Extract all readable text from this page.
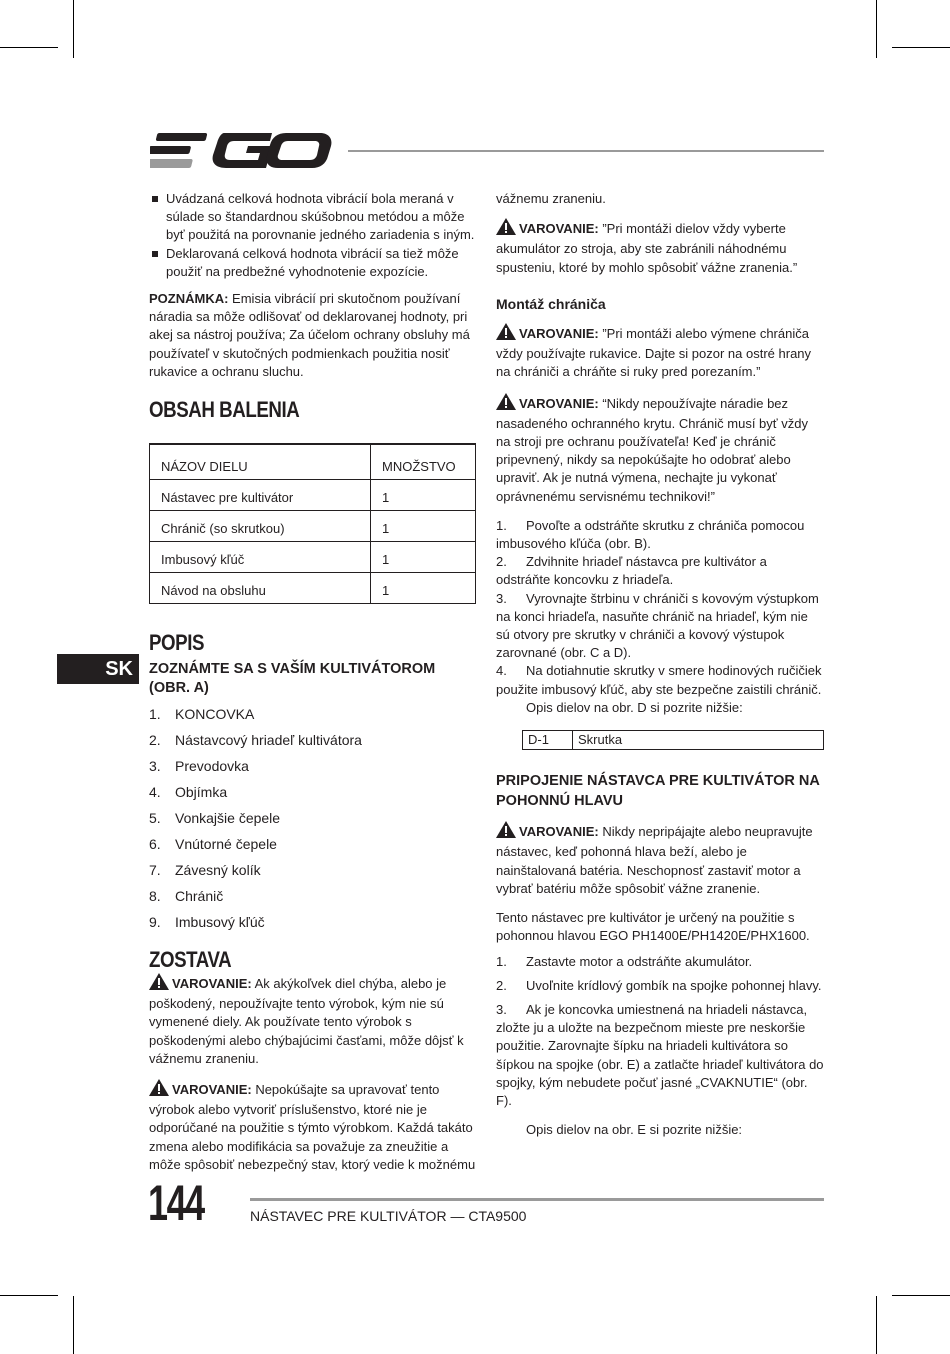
Uvádzaná celková hodnota vibrácií bola meraná v súlade so štandardnou skúšobnou metódou a môže byť použitá na porovnanie jedného zariadenia s iným.

Deklarovaná celková hodnota vibrácií sa tiež môže použiť na predbežné vyhodnotenie expozície.

POZNÁMKA: Emisia vibrácií pri skutočnom používaní náradia sa môže odlišovať od deklarovanej hodnoty, pri akej sa nástroj používa; Za účelom ochrany obsluhy má používateľ v skutočných podmienkach použitia nosiť rukavice a ochranu sluchu.

OBSAH BALENIA

NÁZOV DIELU	MNOŽSTVO
Nástavec pre kultivátor	1
Chránič (so skrutkou)	1
Imbusový kľúč	1
Návod na obsluhu	1

POPIS

ZOZNÁMTE SA S VAŠÍM KULTIVÁTOROM (OBR. A)

1. KONCOVKA
2. Nástavcový hriadeľ kultivátora
3. Prevodovka
4. Objímka
5. Vonkajšie čepele
6. Vnútorné čepele
7. Závesný kolík
8. Chránič
9. Imbusový kľúč

ZOSTAVA

VAROVANIE: Ak akýkoľvek diel chýba, alebo je poškodený, nepoužívajte tento výrobok, kým nie sú vymenené diely. Ak používate tento výrobok s poškodenými alebo chýbajúcimi časťami, môže dôjsť k vážnemu zraneniu.

VAROVANIE: Nepokúšajte sa upravovať tento výrobok alebo vytvoriť príslušenstvo, ktoré nie je odporúčané na použitie s týmto výrobkom. Každá takáto zmena alebo modifikácia sa považuje za zneužitie a môže spôsobiť nebezpečný stav, ktorý vedie k možnému

SK

vážnemu zraneniu.

VAROVANIE: ”Pri montáži dielov vždy vyberte akumulátor zo stroja, aby ste zabránili náhodnému spusteniu, ktoré by mohlo spôsobiť vážne zranenia.”

Montáž chrániča

VAROVANIE: ”Pri montáži alebo výmene chrániča vždy používajte rukavice. Dajte si pozor na ostré hrany na chrániči a chráňte si ruky pred porezaním.”

VAROVANIE: “Nikdy nepoužívajte náradie bez nasadeného ochranného krytu. Chránič musí byť vždy na stroji pre ochranu používateľa! Keď je chránič pripevnený, nikdy sa nepokúšajte ho odobrať alebo upraviť. Ak je nutná výmena, nechajte ju vykonať oprávnenému servisnému technikovi!”

1. Povoľte a odstráňte skrutku z chrániča pomocou imbusového kľúča (obr. B).

2. Zdvihnite hriadeľ nástavca pre kultivátor a odstráňte koncovku z hriadeľa.

3. Vyrovnajte štrbinu v chrániči s kovovým výstupkom na konci hriadeľa, nasuňte chránič na hriadeľ, kým nie sú otvory pre skrutky v chrániči a kovový výstupok zarovnané (obr. C a D).

4. Na dotiahnutie skrutky v smere hodinových ručičiek použite imbusový kľúč, aby ste bezpečne zaistili chránič.

Opis dielov na obr. D si pozrite nižšie:

D-1	Skrutka

PRIPOJENIE NÁSTAVCA PRE KULTIVÁTOR NA POHONNÚ HLAVU

VAROVANIE: Nikdy nepripájajte alebo neupravujte nástavec, keď pohonná hlava beží, alebo je nainštalovaná batéria. Neschopnosť zastaviť motor a vybrať batériu môže spôsobiť vážne zranenie.

Tento nástavec pre kultivátor je určený na použitie s pohonnou hlavou EGO PH1400E/PH1420E/PHX1600.

1. Zastavte motor a odstráňte akumulátor.

2. Uvoľnite krídlový gombík na spojke pohonnej hlavy.

3. Ak je koncovka umiestnená na hriadeli nástavca, zložte ju a uložte na bezpečnom mieste pre neskoršie použitie. Zarovnajte šípku na hriadeli kultivátora so šípkou na spojke (obr. E) a zatlačte hriadeľ kultivátora do spojky, kým nebudete počuť jasné „CVAKNUTIE“ (obr. F).

Opis dielov na obr. E si pozrite nižšie:

144	NÁSTAVEC PRE KULTIVÁTOR — CTA9500
